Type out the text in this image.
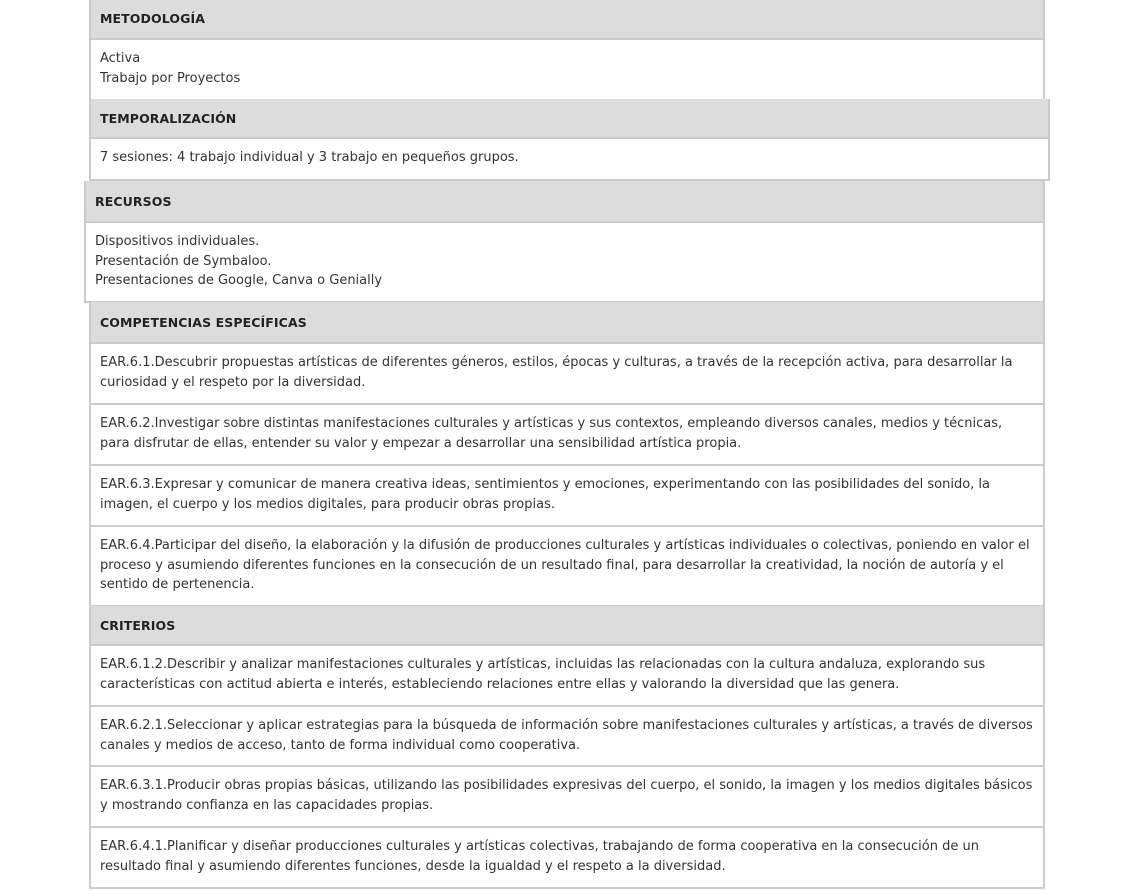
METODOLOGÍA
Activa
Trabajo por Proyectos
TEMPORALIZACIÓN
7 sesiones: 4 trabajo individual y 3 trabajo en pequeños grupos.
RECURSOS
Dispositivos individuales.
Presentación de Symbaloo.
Presentaciones de Google, Canva o Genially
COMPETENCIAS ESPECÍFICAS
EAR.6.1.Descubrir propuestas artísticas de diferentes géneros, estilos, épocas y culturas, a través de la recepción activa, para desarrollar la curiosidad y el respeto por la diversidad.
EAR.6.2.Investigar sobre distintas manifestaciones culturales y artísticas y sus contextos, empleando diversos canales, medios y técnicas, para disfrutar de ellas, entender su valor y empezar a desarrollar una sensibilidad artística propia.
EAR.6.3.Expresar y comunicar de manera creativa ideas, sentimientos y emociones, experimentando con las posibilidades del sonido, la imagen, el cuerpo y los medios digitales, para producir obras propias.
EAR.6.4.Participar del diseño, la elaboración y la difusión de producciones culturales y artísticas individuales o colectivas, poniendo en valor el proceso y asumiendo diferentes funciones en la consecución de un resultado final, para desarrollar la creatividad, la noción de autoría y el sentido de pertenencia.
CRITERIOS
EAR.6.1.2.Describir y analizar manifestaciones culturales y artísticas, incluidas las relacionadas con la cultura andaluza, explorando sus características con actitud abierta e interés, estableciendo relaciones entre ellas y valorando la diversidad que las genera.
EAR.6.2.1.Seleccionar y aplicar estrategias para la búsqueda de información sobre manifestaciones culturales y artísticas, a través de diversos canales y medios de acceso, tanto de forma individual como cooperativa.
EAR.6.3.1.Producir obras propias básicas, utilizando las posibilidades expresivas del cuerpo, el sonido, la imagen y los medios digitales básicos y mostrando confianza en las capacidades propias.
EAR.6.4.1.Planificar y diseñar producciones culturales y artísticas colectivas, trabajando de forma cooperativa en la consecución de un resultado final y asumiendo diferentes funciones, desde la igualdad y el respeto a la diversidad.
